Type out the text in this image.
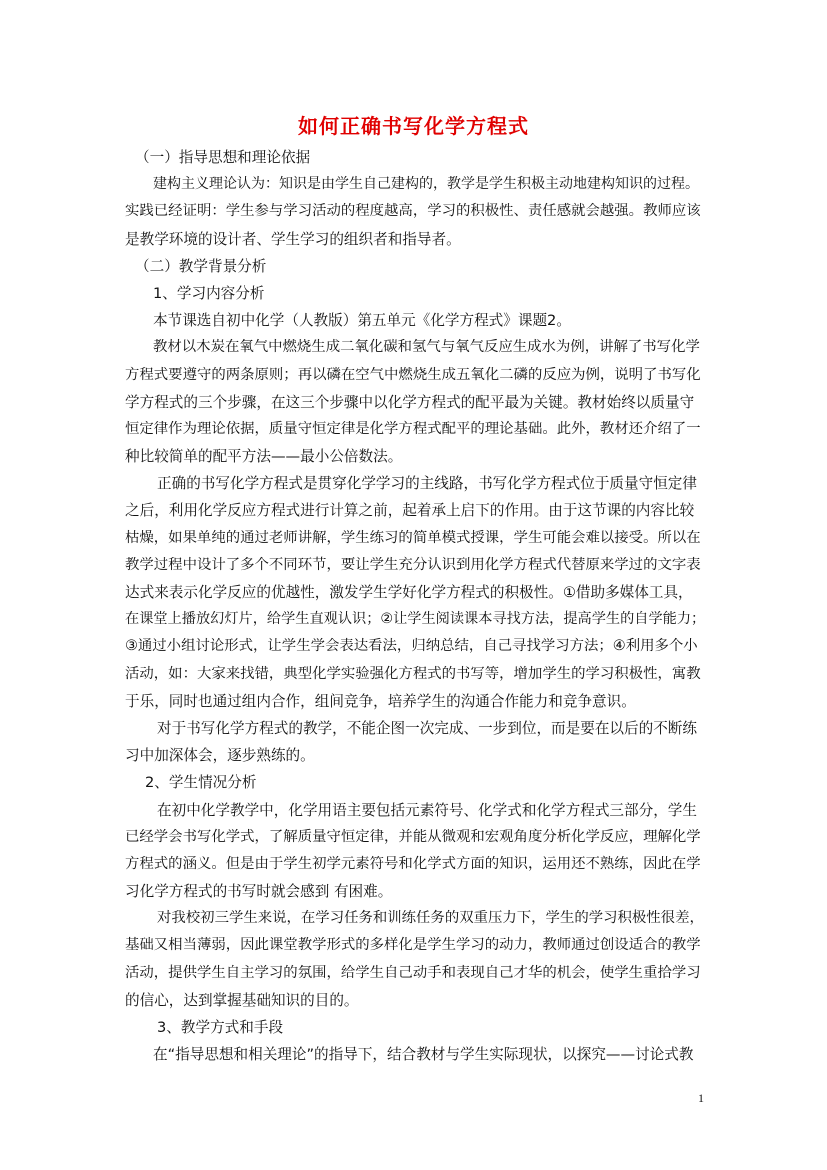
如何正确书写化学方程式
（一）指导思想和理论依据
建构主义理论认为：知识是由学生自己建构的，教学是学生积极主动地建构知识的过程。
实践已经证明：学生参与学习活动的程度越高，学习的积极性、责任感就会越强。教师应该
是教学环境的设计者、学生学习的组织者和指导者。
（二）教学背景分析
1、学习内容分析
本节课选自初中化学（人教版）第五单元《化学方程式》课题2。
教材以木炭在氧气中燃烧生成二氧化碳和氢气与氧气反应生成水为例，讲解了书写化学
方程式要遵守的两条原则；再以磷在空气中燃烧生成五氧化二磷的反应为例，说明了书写化
学方程式的三个步骤，在这三个步骤中以化学方程式的配平最为关键。教材始终以质量守
恒定律作为理论依据，质量守恒定律是化学方程式配平的理论基础。此外，教材还介绍了一
种比较简单的配平方法——最小公倍数法。
正确的书写化学方程式是贯穿化学学习的主线路，书写化学方程式位于质量守恒定律
之后，利用化学反应方程式进行计算之前，起着承上启下的作用。由于这节课的内容比较
枯燥，如果单纯的通过老师讲解，学生练习的简单模式授课，学生可能会难以接受。所以在
教学过程中设计了多个不同环节，要让学生充分认识到用化学方程式代替原来学过的文字表
达式来表示化学反应的优越性，激发学生学好化学方程式的积极性。①借助多媒体工具，
在课堂上播放幻灯片，给学生直观认识；②让学生阅读课本寻找方法，提高学生的自学能力；
③通过小组讨论形式，让学生学会表达看法，归纳总结，自己寻找学习方法；④利用多个小
活动，如：大家来找错，典型化学实验强化方程式的书写等，增加学生的学习积极性，寓教
于乐，同时也通过组内合作，组间竞争，培养学生的沟通合作能力和竞争意识。
对于书写化学方程式的教学，不能企图一次完成、一步到位，而是要在以后的不断练
习中加深体会，逐步熟练的。
2、学生情况分析
在初中化学教学中，化学用语主要包括元素符号、化学式和化学方程式三部分，学生
已经学会书写化学式，了解质量守恒定律，并能从微观和宏观角度分析化学反应，理解化学
方程式的涵义。但是由于学生初学元素符号和化学式方面的知识，运用还不熟练，因此在学
习化学方程式的书写时就会感到 有困难。
对我校初三学生来说，在学习任务和训练任务的双重压力下，学生的学习积极性很差，
基础又相当薄弱，因此课堂教学形式的多样化是学生学习的动力，教师通过创设适合的教学
活动，提供学生自主学习的氛围，给学生自己动手和表现自己才华的机会，使学生重拾学习
的信心，达到掌握基础知识的目的。
3、教学方式和手段
在“指导思想和相关理论”的指导下，结合教材与学生实际现状，以探究——讨论式教
1
